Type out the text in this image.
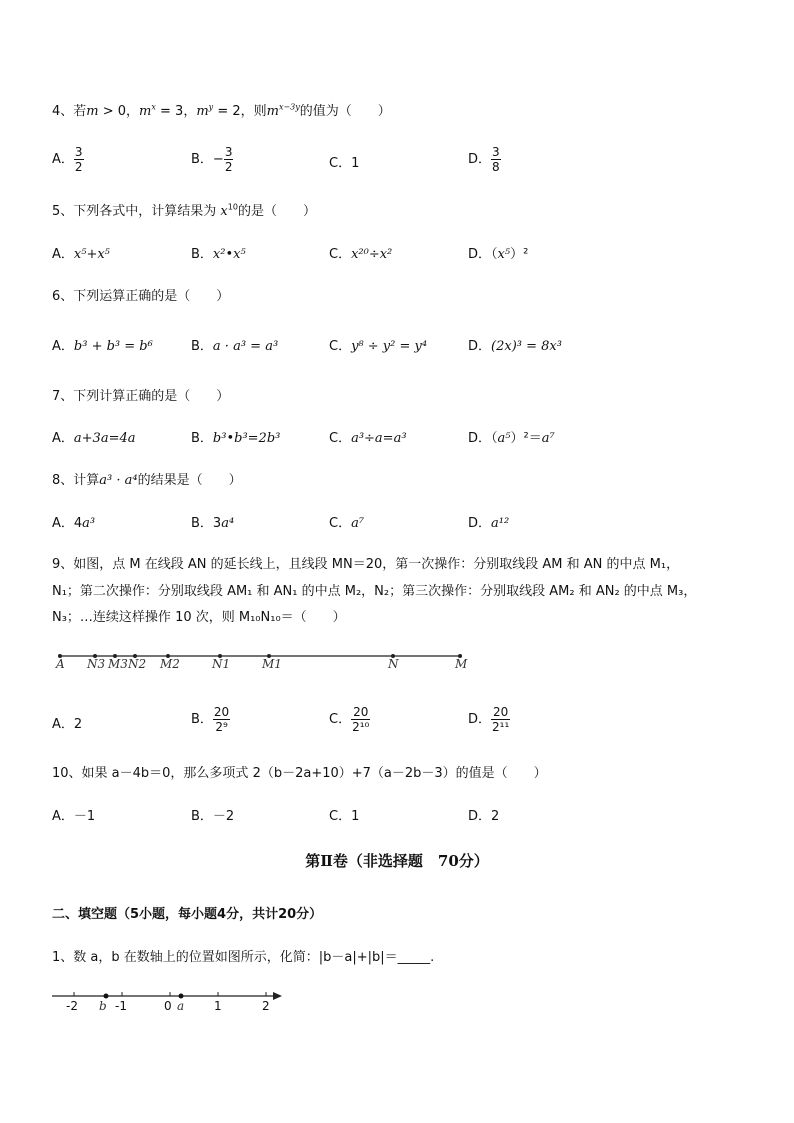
4、若m > 0，$m^x = 3$，$m^y = 2$，则$m^{x-3y}$的值为（　　）
A． $\frac{3}{2}$	B．− $\frac{3}{2}$	C．1	D． $\frac{3}{8}$
5、下列各式中，计算结果为 $x^{10}$的是（　　）
A．x⁵+x⁵	B．x²•x⁵	C．x²⁰÷x²	D．（x⁵）²
6、下列运算正确的是（　　）
A．b³ + b³ = b⁶	B．a · a³ = a³	C．y⁸ ÷ y² = y⁴	D．(2x)³ = 8x³
7、下列计算正确的是（　　）
A．a+3a=4a	B．b³•b³=2b³	C．a³÷a=a³	D．（a⁵）²＝a⁷
8、计算a³ · a⁴的结果是（　　）
A．4a³	B．3a⁴	C．a⁷	D．a¹²
9、如图，点 M 在线段 AN 的延长线上，且线段 MN＝20，第一次操作：分别取线段 AM 和 AN 的中点 M₁，
N₁；第二次操作：分别取线段 AM₁ 和 AN₁ 的中点 M₂，N₂；第三次操作：分别取线段 AM₂ 和 AN₂ 的中点 M₃，
N₃；…连续这样操作 10 次，则 M₁₀N₁₀＝（　　）
A N3 M3 N2 M2	N1	M1	N	M
A．2	B． $\frac{20}{\text{2⁹}}$	C． $\frac{20}{\text{2¹⁰}}$	D． $\frac{20}{\text{2¹¹}}$
10、如果 a－4b＝0，那么多项式 2（b－2a+10）+7（a－2b－3）的值是（　　）
A．－1	B．－2	C．1	D．2
第Ⅱ卷（非选择题　70分）
二、填空题（5小题，每小题4分，共计20分）
1、数 a，b 在数轴上的位置如图所示，化简：|b－a|+|b|＝_____.
-2 b -1	0 a 1	2
